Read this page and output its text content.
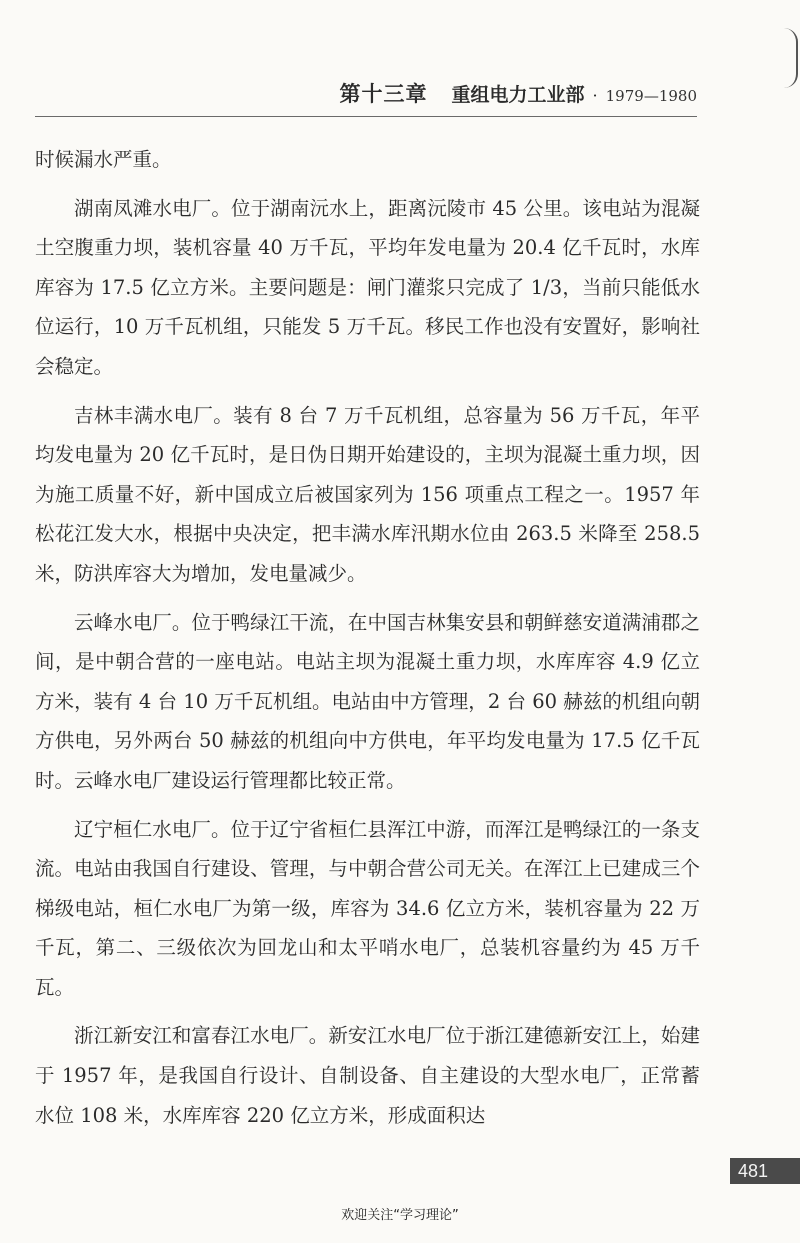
第十三章 重组电力工业部 · 1979—1980

时候漏水严重。

湖南凤滩水电厂。位于湖南沅水上，距离沅陵市 45 公里。该电站为混凝土空腹重力坝，装机容量 40 万千瓦，平均年发电量为 20.4 亿千瓦时，水库库容为 17.5 亿立方米。主要问题是：闸门灌浆只完成了 1/3，当前只能低水位运行，10 万千瓦机组，只能发 5 万千瓦。移民工作也没有安置好，影响社会稳定。

吉林丰满水电厂。装有 8 台 7 万千瓦机组，总容量为 56 万千瓦，年平均发电量为 20 亿千瓦时，是日伪日期开始建设的，主坝为混凝土重力坝，因为施工质量不好，新中国成立后被国家列为 156 项重点工程之一。1957 年松花江发大水，根据中央决定，把丰满水库汛期水位由 263.5 米降至 258.5 米，防洪库容大为增加，发电量减少。

云峰水电厂。位于鸭绿江干流，在中国吉林集安县和朝鲜慈安道满浦郡之间，是中朝合营的一座电站。电站主坝为混凝土重力坝，水库库容 4.9 亿立方米，装有 4 台 10 万千瓦机组。电站由中方管理，2 台 60 赫兹的机组向朝方供电，另外两台 50 赫兹的机组向中方供电，年平均发电量为 17.5 亿千瓦时。云峰水电厂建设运行管理都比较正常。

辽宁桓仁水电厂。位于辽宁省桓仁县浑江中游，而浑江是鸭绿江的一条支流。电站由我国自行建设、管理，与中朝合营公司无关。在浑江上已建成三个梯级电站，桓仁水电厂为第一级，库容为 34.6 亿立方米，装机容量为 22 万千瓦，第二、三级依次为回龙山和太平哨水电厂，总装机容量约为 45 万千瓦。

浙江新安江和富春江水电厂。新安江水电厂位于浙江建德新安江上，始建于 1957 年，是我国自行设计、自制设备、自主建设的大型水电厂，正常蓄水位 108 米，水库库容 220 亿立方米，形成面积达

481
欢迎关注“学习理论”
